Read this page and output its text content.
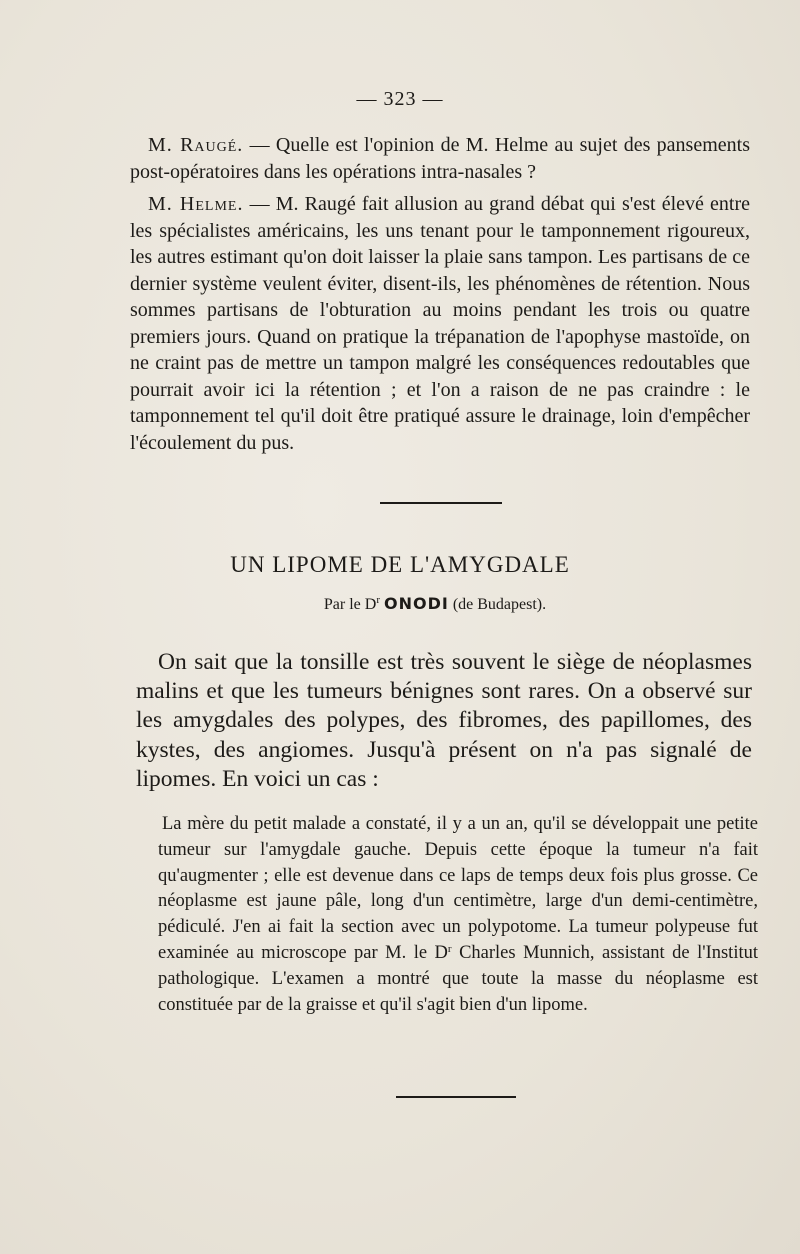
— 323 —

M. Raugé. — Quelle est l'opinion de M. Helme au sujet des pansements post-opératoires dans les opérations intra-nasales ?

M. Helme. — M. Raugé fait allusion au grand débat qui s'est élevé entre les spécialistes américains, les uns tenant pour le tamponnement rigoureux, les autres estimant qu'on doit laisser la plaie sans tampon. Les partisans de ce dernier système veulent éviter, disent-ils, les phénomènes de rétention. Nous sommes partisans de l'obturation au moins pendant les trois ou quatre premiers jours. Quand on pratique la trépanation de l'apophyse mastoïde, on ne craint pas de mettre un tampon malgré les conséquences redoutables que pourrait avoir ici la rétention ; et l'on a raison de ne pas craindre : le tamponnement tel qu'il doit être pratiqué assure le drainage, loin d'empêcher l'écoulement du pus.

UN LIPOME DE L'AMYGDALE
Par le $D^r$ ONODI (de Budapest).

On sait que la tonsille est très souvent le siège de néoplasmes malins et que les tumeurs bénignes sont rares. On a observé sur les amygdales des polypes, des fibromes, des papillomes, des kystes, des angiomes. Jusqu'à présent on n'a pas signalé de lipomes. En voici un cas :

La mère du petit malade a constaté, il y a un an, qu'il se développait une petite tumeur sur l'amygdale gauche. Depuis cette époque la tumeur n'a fait qu'augmenter ; elle est devenue dans ce laps de temps deux fois plus grosse. Ce néoplasme est jaune pâle, long d'un centimètre, large d'un demi-centimètre, pédiculé. J'en ai fait la section avec un polypotome. La tumeur polypeuse fut examinée au microscope par M. le $D^r$ Charles Munnich, assistant de l'Institut pathologique. L'examen a montré que toute la masse du néoplasme est constituée par de la graisse et qu'il s'agit bien d'un lipome.
